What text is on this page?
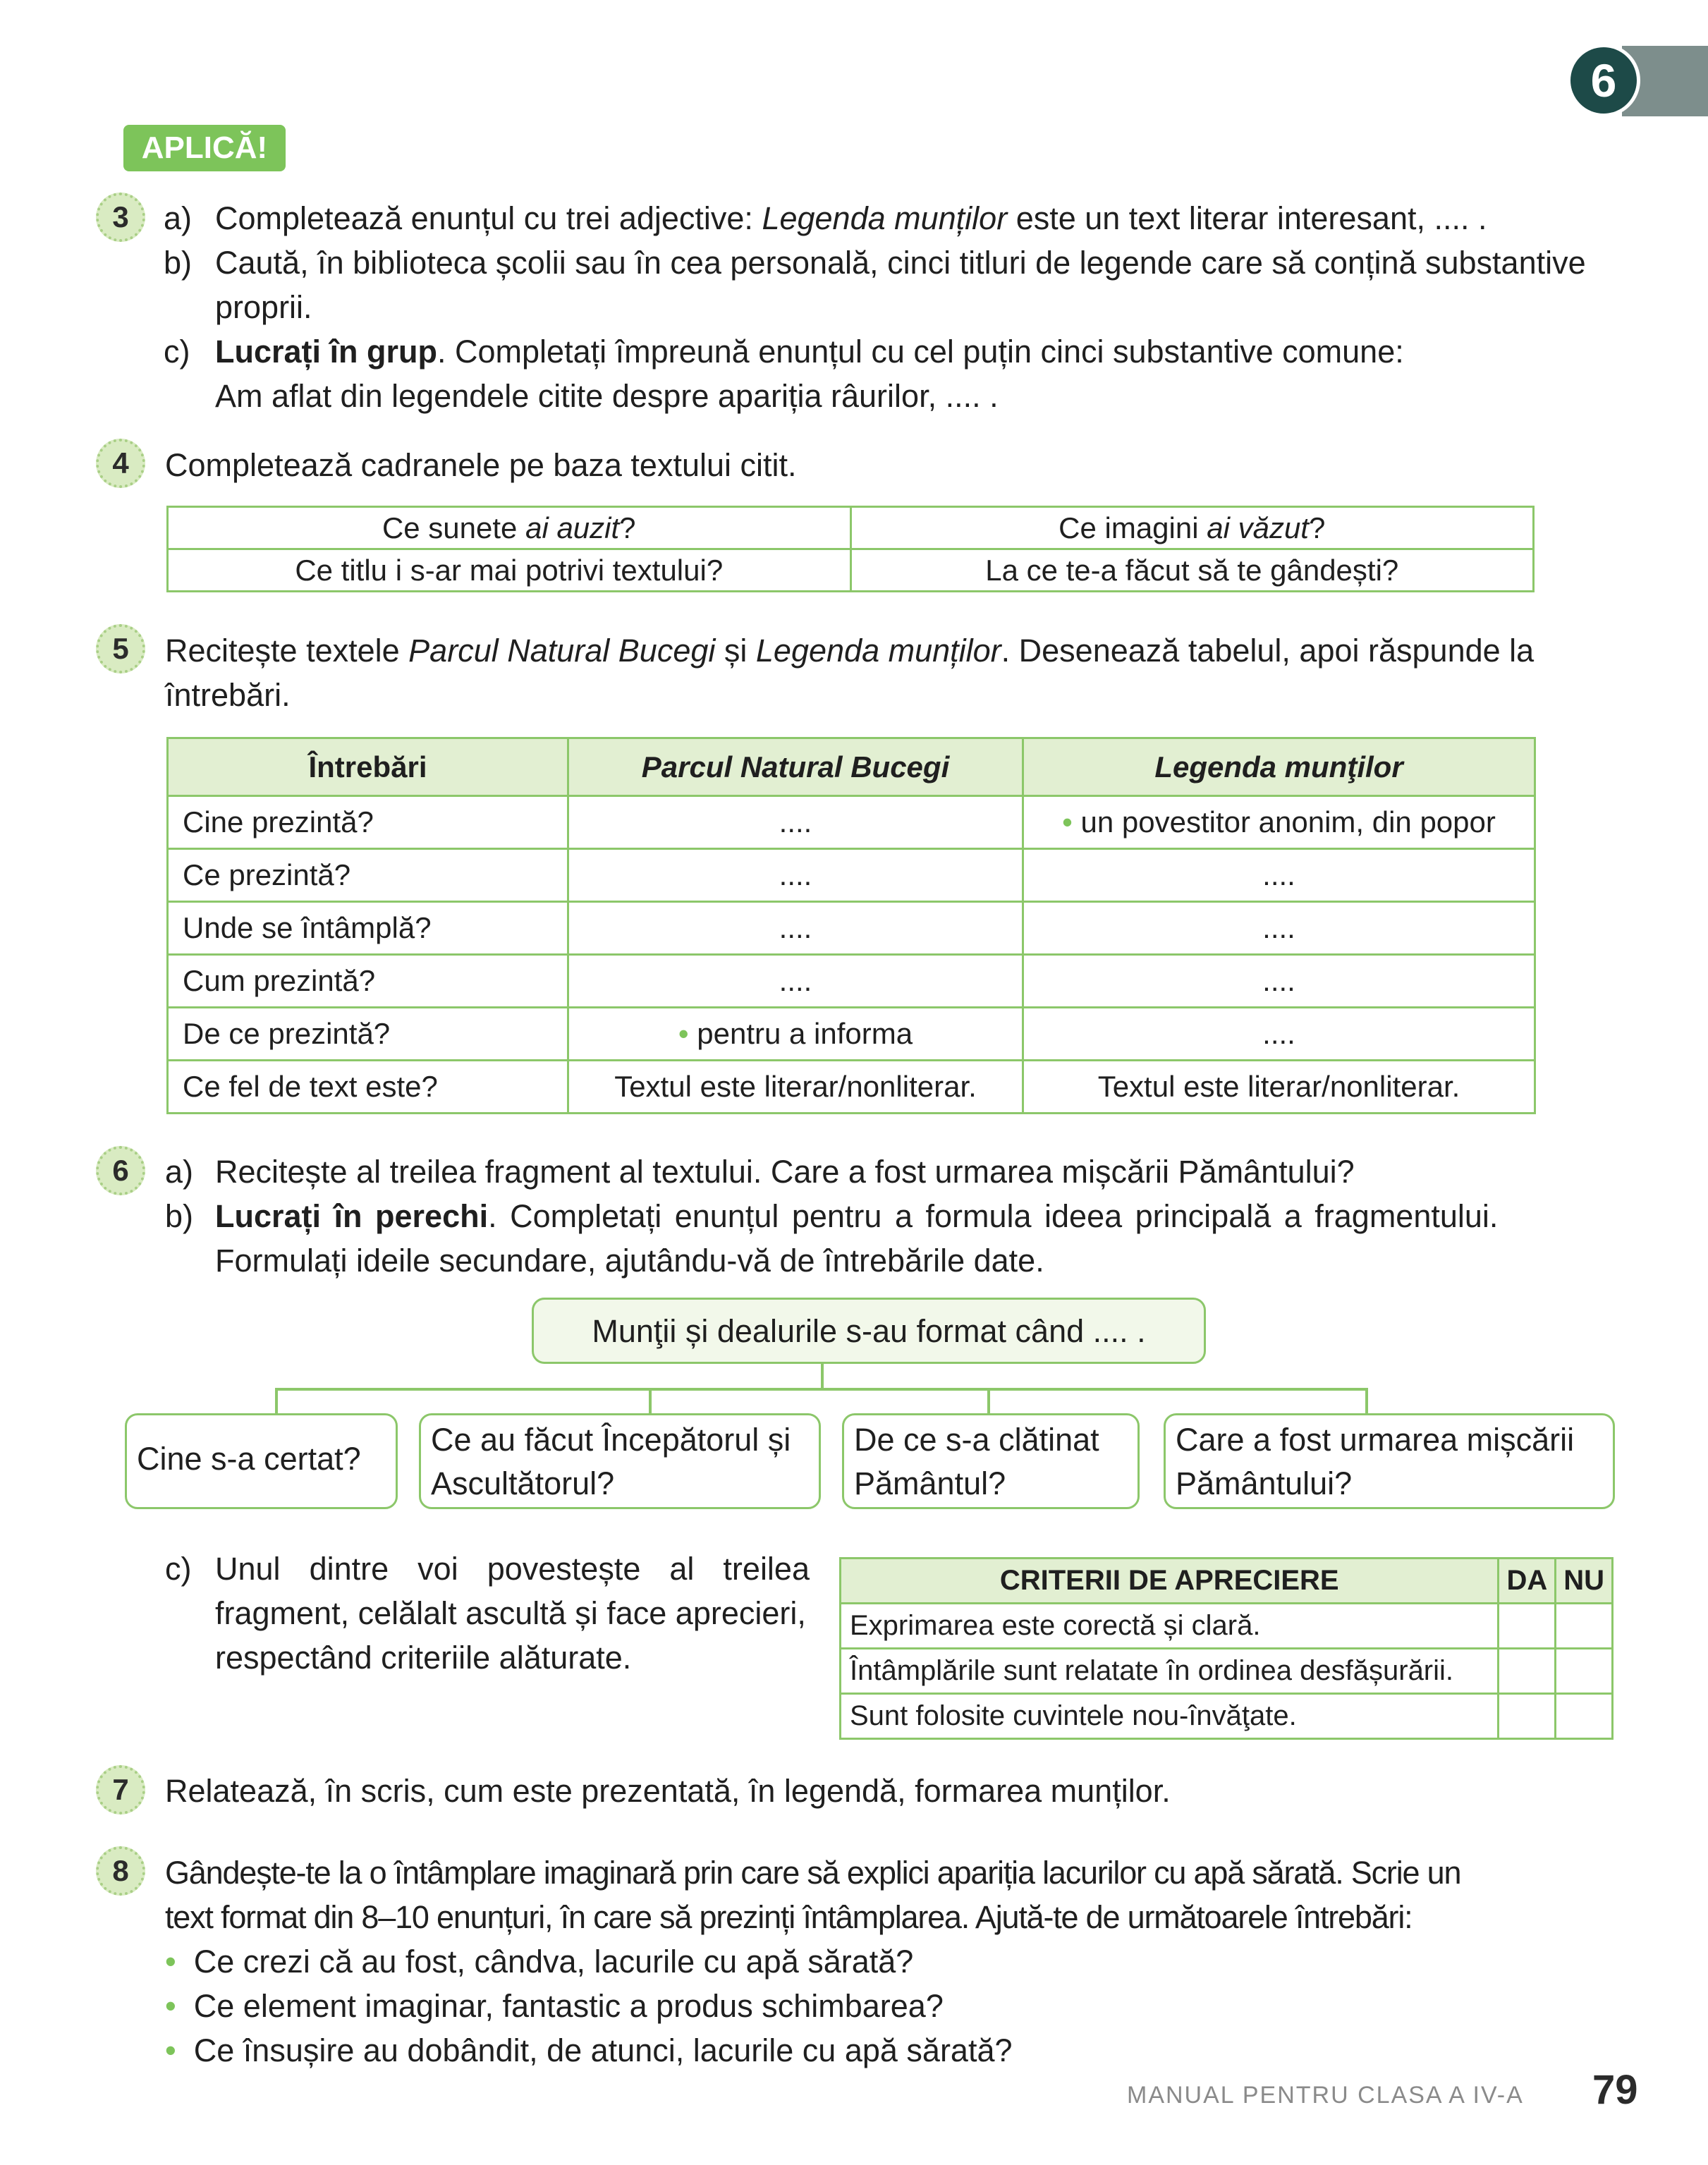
6
APLICĂ!
3	a) Completează enunțul cu trei adjective: Legenda munților este un text literar interesant, .... .
b) Caută, în biblioteca școlii sau în cea personală, cinci titluri de legende care să conțină substantive
proprii.
c) Lucrați în grup. Completați împreună enunțul cu cel puțin cinci substantive comune:
Am aflat din legendele citite despre apariția râurilor, .... .
4	Completează cadranele pe baza textului citit.
Ce sunete ai auzit?	Ce imagini ai văzut?
Ce titlu i s-ar mai potrivi textului?	La ce te-a făcut să te gândești?
5	Recitește textele Parcul Natural Bucegi și Legenda munților. Desenează tabelul, apoi răspunde la
întrebări.
Întrebări	Parcul Natural Bucegi	Legenda munţilor
Cine prezintă?	....	• un povestitor anonim, din popor
Ce prezintă?	....	....
Unde se întâmplă?	....	....
Cum prezintă?	....	....
De ce prezintă?	• pentru a informa	....
Ce fel de text este?	Textul este literar/nonliterar.	Textul este literar/nonliterar.
6	a) Recitește al treilea fragment al textului. Care a fost urmarea mișcării Pământului?
b) Lucrați în perechi. Completați enunțul pentru a formula ideea principală a fragmentului.
Formulați ideile secundare, ajutându-vă de întrebările date.
Munţii și dealurile s-au format când .... .
Cine s-a certat?
Ce au făcut Începătorul și
Ascultătorul?
De ce s-a clătinat
Pământul?
Care a fost urmarea mișcării
Pământului?
c) Unul dintre voi povestește al treilea
fragment, celălalt ascultă și face aprecieri,
respectând criteriile alăturate.
CRITERII DE APRECIERE	DA	NU
Exprimarea este corectă și clară.		
Întâmplările sunt relatate în ordinea desfășurării.		
Sunt folosite cuvintele nou-învăţate.		
7	Relatează, în scris, cum este prezentată, în legendă, formarea munților.
8	Gândește-te la o întâmplare imaginară prin care să explici apariția lacurilor cu apă sărată. Scrie un
text format din 8–10 enunțuri, în care să prezinți întâmplarea. Ajută-te de următoarele întrebări:
• Ce crezi că au fost, cândva, lacurile cu apă sărată?
• Ce element imaginar, fantastic a produs schimbarea?
• Ce însușire au dobândit, de atunci, lacurile cu apă sărată?
MANUAL PENTRU CLASA A IV-A 79
